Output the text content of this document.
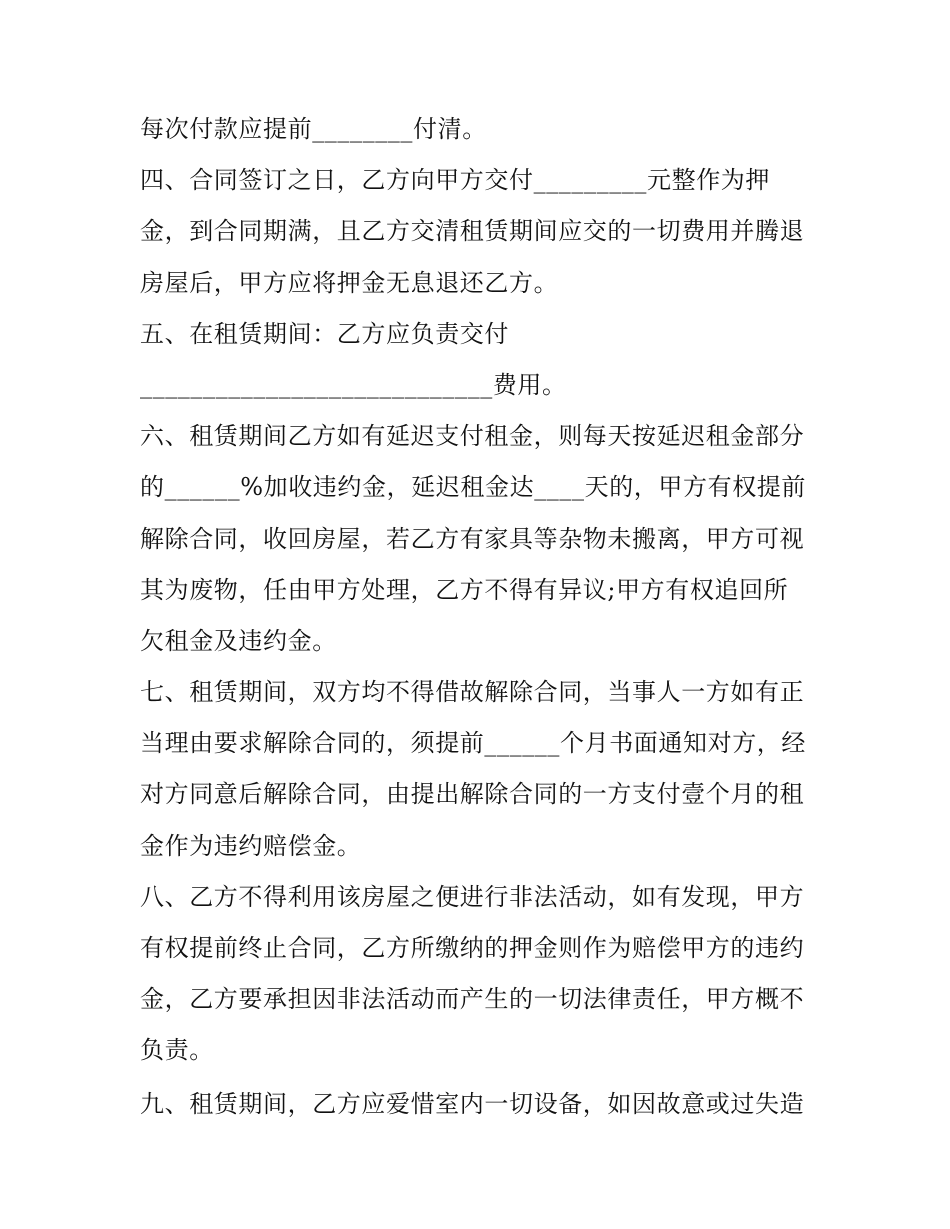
每次付款应提前________付清。
四、合同签订之日，乙方向甲方交付_________元整作为押
金，到合同期满，且乙方交清租赁期间应交的一切费用并腾退
房屋后，甲方应将押金无息退还乙方。
五、在租赁期间：乙方应负责交付
____________________________费用。
六、租赁期间乙方如有延迟支付租金，则每天按延迟租金部分
的______%加收违约金，延迟租金达____天的，甲方有权提前
解除合同，收回房屋，若乙方有家具等杂物未搬离，甲方可视
其为废物，任由甲方处理，乙方不得有异议;甲方有权追回所
欠租金及违约金。
七、租赁期间，双方均不得借故解除合同，当事人一方如有正
当理由要求解除合同的，须提前______个月书面通知对方，经
对方同意后解除合同，由提出解除合同的一方支付壹个月的租
金作为违约赔偿金。
八、乙方不得利用该房屋之便进行非法活动，如有发现，甲方
有权提前终止合同，乙方所缴纳的押金则作为赔偿甲方的违约
金，乙方要承担因非法活动而产生的一切法律责任，甲方概不
负责。
九、租赁期间，乙方应爱惜室内一切设备，如因故意或过失造
